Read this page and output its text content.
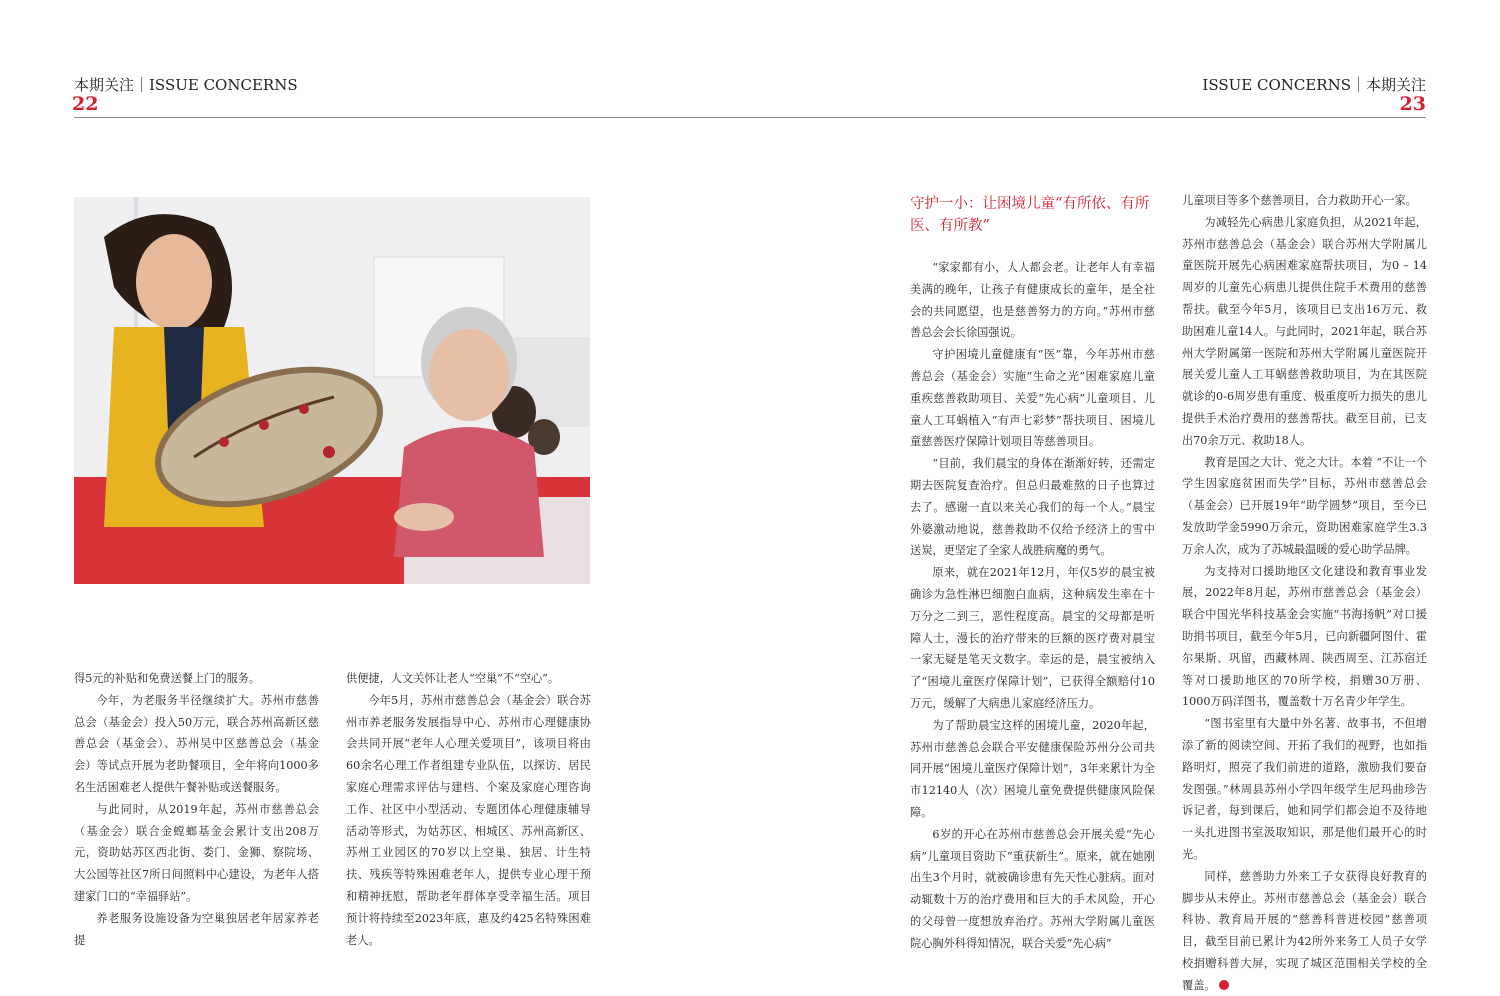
本期关注｜ISSUE CONCERNS
22
ISSUE CONCERNS｜本期关注
23

得5元的补贴和免费送餐上门的服务。

今年，为老服务半径继续扩大。苏州市慈善总会（基金会）投入50万元，联合苏州高新区慈善总会（基金会）、苏州吴中区慈善总会（基金会）等试点开展为老助餐项目，全年将向1000多名生活困难老人提供午餐补贴或送餐服务。

与此同时，从2019年起，苏州市慈善总会（基金会）联合金螳螂基金会累计支出208万元，资助姑苏区西北街、娄门、金狮、察院场、大公园等社区7所日间照料中心建设，为老年人搭建家门口的“幸福驿站”。

养老服务设施设备为空巢独居老年居家养老提

供便捷，人文关怀让老人“空巢”不“空心”。

今年5月，苏州市慈善总会（基金会）联合苏州市养老服务发展指导中心、苏州市心理健康协会共同开展“老年人心理关爱项目”，该项目将由60余名心理工作者组建专业队伍，以探访、居民家庭心理需求评估与建档、个案及家庭心理咨询工作、社区中小型活动、专题团体心理健康辅导活动等形式，为姑苏区、相城区、苏州高新区、苏州工业园区的70岁以上空巢、独居、计生特扶、残疾等特殊困难老年人，提供专业心理干预和精神抚慰，帮助老年群体享受幸福生活。项目预计将持续至2023年底，惠及约425名特殊困难老人。

守护一小：让困境儿童“有所依、有所医、有所教”

“家家都有小，人人都会老。让老年人有幸福美满的晚年，让孩子有健康成长的童年，是全社会的共同愿望，也是慈善努力的方向。”苏州市慈善总会会长徐国强说。

守护困境儿童健康有“医”靠，今年苏州市慈善总会（基金会）实施“生命之光”困难家庭儿童重疾慈善救助项目、关爱“先心病”儿童项目、儿童人工耳蜗植入“有声七彩梦”帮扶项目、困境儿童慈善医疗保障计划项目等慈善项目。

“目前，我们晨宝的身体在渐渐好转，还需定期去医院复查治疗。但总归最难熬的日子也算过去了。感谢一直以来关心我们的每一个人。”晨宝外婆激动地说，慈善救助不仅给予经济上的雪中送炭，更坚定了全家人战胜病魔的勇气。

原来，就在2021年12月，年仅5岁的晨宝被确诊为急性淋巴细胞白血病，这种病发生率在十万分之二到三，恶性程度高。晨宝的父母都是听障人士，漫长的治疗带来的巨额的医疗费对晨宝一家无疑是笔天文数字。幸运的是，晨宝被纳入了“困境儿童医疗保障计划”，已获得全额赔付10万元，缓解了大病患儿家庭经济压力。

为了帮助晨宝这样的困境儿童，2020年起，苏州市慈善总会联合平安健康保险苏州分公司共同开展“困境儿童医疗保障计划”，3年来累计为全市12140人（次）困境儿童免费提供健康风险保障。

6岁的开心在苏州市慈善总会开展关爱“先心病”儿童项目资助下“重获新生”。原来，就在她刚出生3个月时，就被确诊患有先天性心脏病。面对动辄数十万的治疗费用和巨大的手术风险，开心的父母曾一度想放弃治疗。苏州大学附属儿童医院心胸外科得知情况，联合关爱“先心病”

儿童项目等多个慈善项目，合力救助开心一家。

为减轻先心病患儿家庭负担，从2021年起，苏州市慈善总会（基金会）联合苏州大学附属儿童医院开展先心病困难家庭帮扶项目，为0 – 14周岁的儿童先心病患儿提供住院手术费用的慈善帮扶。截至今年5月，该项目已支出16万元、救助困难儿童14人。与此同时，2021年起，联合苏州大学附属第一医院和苏州大学附属儿童医院开展关爱儿童人工耳蜗慈善救助项目，为在其医院就诊的0-6周岁患有重度、极重度听力损失的患儿提供手术治疗费用的慈善帮扶。截至目前，已支出70余万元、救助18人。

教育是国之大计、党之大计。本着 “不让一个学生因家庭贫困而失学”目标，苏州市慈善总会（基金会）已开展19年“助学圆梦”项目，至今已发放助学金5990万余元，资助困难家庭学生3.3万余人次，成为了苏城最温暖的爱心助学品牌。

为支持对口援助地区文化建设和教育事业发展，2022年8月起，苏州市慈善总会（基金会）联合中国光华科技基金会实施“书海扬帆”对口援助捐书项目，截至今年5月，已向新疆阿图什、霍尔果斯、巩留，西藏林周、陕西周至、江苏宿迁等对口援助地区的70所学校，捐赠30万册、1000万码洋图书，覆盖数十万名青少年学生。

“图书室里有大量中外名著、故事书，不但增添了新的阅读空间、开拓了我们的视野，也如指路明灯，照亮了我们前进的道路，激励我们要奋发图强。”林周县苏州小学四年级学生尼玛曲珍告诉记者，每到课后，她和同学们都会迫不及待地一头扎进图书室汲取知识，那是他们最开心的时光。

同样，慈善助力外来工子女获得良好教育的脚步从未停止。苏州市慈善总会（基金会）联合科协、教育局开展的“慈善科普进校园”慈善项目，截至目前已累计为42所外来务工人员子女学校捐赠科普大屏，实现了城区范围相关学校的全覆盖。
